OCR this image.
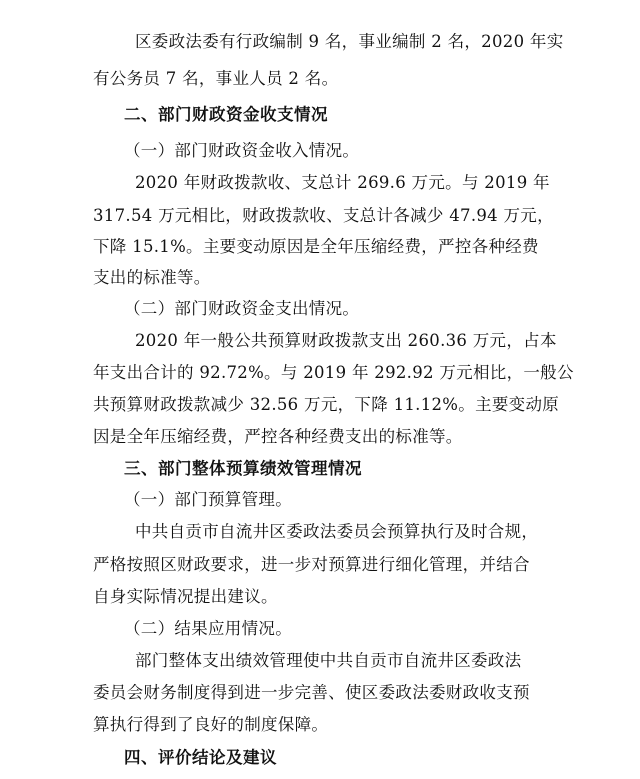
区委政法委有行政编制 9 名，事业编制 2 名，2020 年实
有公务员 7 名，事业人员 2 名。
二、部门财政资金收支情况
（一）部门财政资金收入情况。
2020 年财政拨款收、支总计 269.6 万元。与 2019 年
317.54 万元相比，财政拨款收、支总计各减少 47.94 万元，
下降 15.1%。主要变动原因是全年压缩经费，严控各种经费
支出的标准等。
（二）部门财政资金支出情况。
2020 年一般公共预算财政拨款支出 260.36 万元，占本
年支出合计的 92.72%。与 2019 年 292.92 万元相比，一般公
共预算财政拨款减少 32.56 万元，下降 11.12%。主要变动原
因是全年压缩经费，严控各种经费支出的标准等。
三、部门整体预算绩效管理情况
（一）部门预算管理。
中共自贡市自流井区委政法委员会预算执行及时合规，
严格按照区财政要求，进一步对预算进行细化管理，并结合
自身实际情况提出建议。
（二）结果应用情况。
部门整体支出绩效管理使中共自贡市自流井区委政法
委员会财务制度得到进一步完善、使区委政法委财政收支预
算执行得到了良好的制度保障。
四、评价结论及建议
